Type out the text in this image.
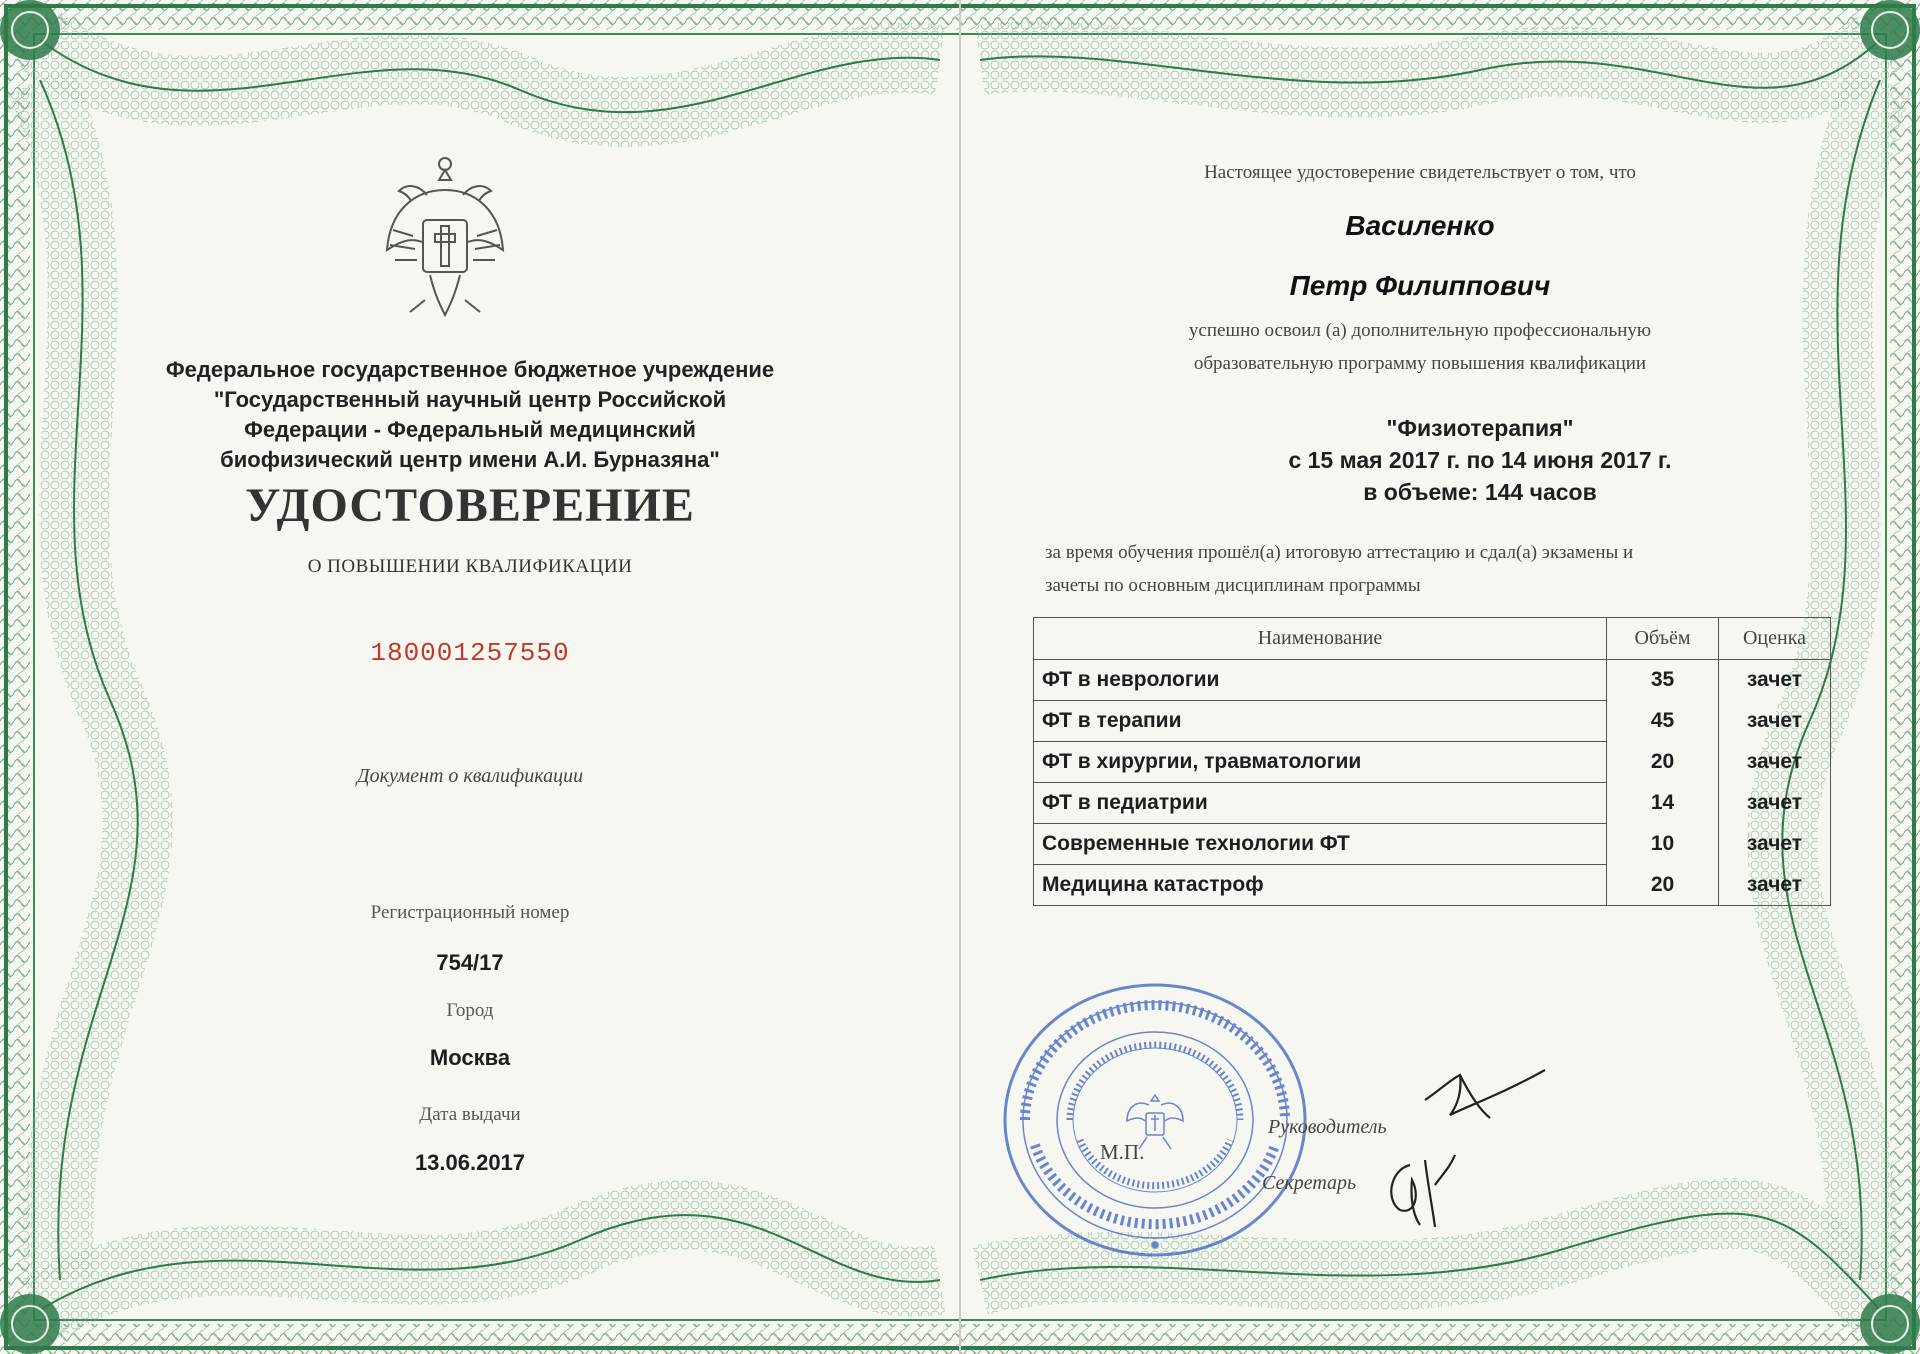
Федеральное государственное бюджетное учреждение
"Государственный научный центр Российской
Федерации - Федеральный медицинский
биофизический центр имени А.И. Бурназяна"
УДОСТОВЕРЕНИЕ
О ПОВЫШЕНИИ КВАЛИФИКАЦИИ
180001257550
Документ о квалификации
Регистрационный номер
754/17
Город
Москва
Дата выдачи
13.06.2017
Настоящее удостоверение свидетельствует о том, что
Василенко
Петр Филиппович
успешно освоил (а) дополнительную профессиональную
образовательную программу повышения квалификации
"Физиотерапия"
с 15 мая 2017 г. по 14 июня 2017 г.
в объеме: 144 часов
за время обучения прошёл(а) итоговую аттестацию и сдал(а) экзамены и
зачеты по основным дисциплинам программы
Наименование	Объём	Оценка
ФТ в неврологии	35	зачет
ФТ в терапии	45	зачет
ФТ в хирургии, травматологии	20	зачет
ФТ в педиатрии	14	зачет
Современные технологии ФТ	10	зачет
Медицина катастроф	20	зачет
М.П.
Руководитель
Секретарь
